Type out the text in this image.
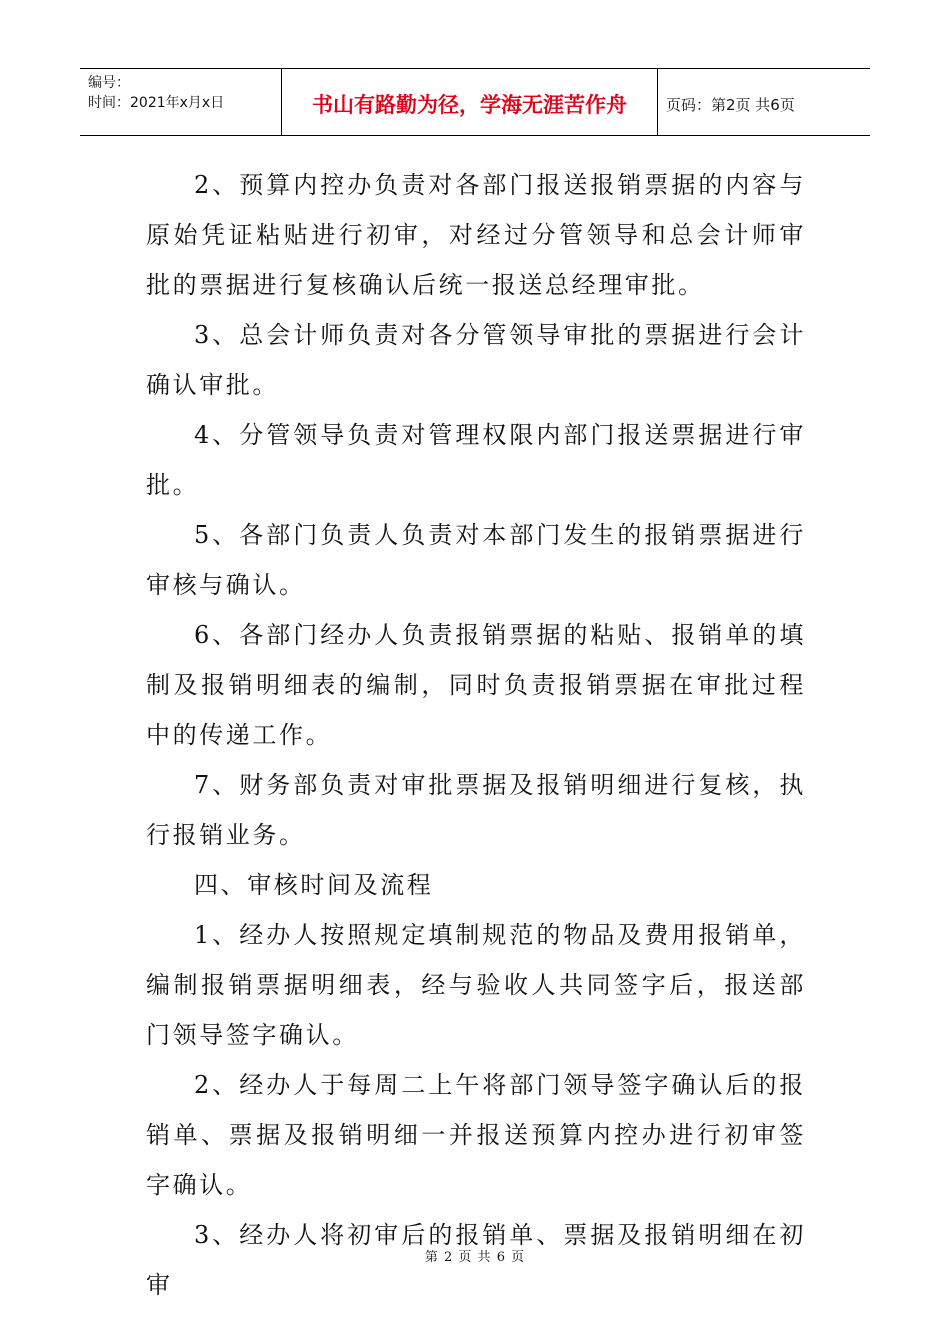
编号：
时间：2021年x月x日	书山有路勤为径，学海无涯苦作舟	页码：第2页 共6页

2、预算内控办负责对各部门报送报销票据的内容与原始凭证粘贴进行初审，对经过分管领导和总会计师审批的票据进行复核确认后统一报送总经理审批。

3、总会计师负责对各分管领导审批的票据进行会计确认审批。

4、分管领导负责对管理权限内部门报送票据进行审批。

5、各部门负责人负责对本部门发生的报销票据进行审核与确认。

6、各部门经办人负责报销票据的粘贴、报销单的填制及报销明细表的编制，同时负责报销票据在审批过程中的传递工作。

7、财务部负责对审批票据及报销明细进行复核，执行报销业务。

四、审核时间及流程

1、经办人按照规定填制规范的物品及费用报销单，编制报销票据明细表，经与验收人共同签字后，报送部门领导签字确认。

2、经办人于每周二上午将部门领导签字确认后的报销单、票据及报销明细一并报送预算内控办进行初审签字确认。

3、经办人将初审后的报销单、票据及报销明细在初审

第 2 页 共 6 页
